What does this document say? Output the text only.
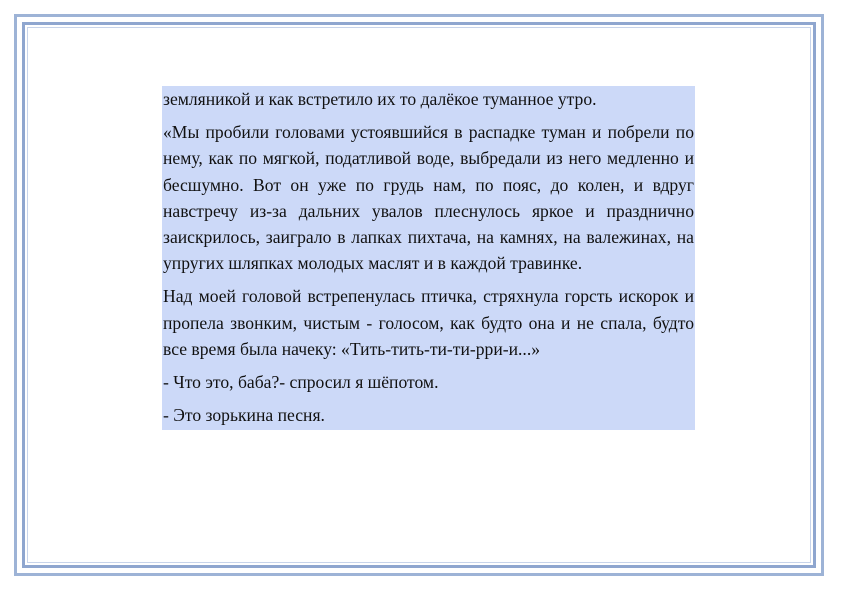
земляникой и как встретило их то далёкое туманное утро.

«Мы пробили головами устоявшийся в распадке туман и побрели по нему, как по мягкой, податливой воде, выбредали из него медленно и бесшумно. Вот он уже по грудь нам, по пояс, до колен, и вдруг навстречу из-за дальних увалов плеснулось яркое и празднично заискрилось, заиграло в лапках пихтача, на камнях, на валежинах, на упругих шляпках молодых маслят и в каждой травинке.

Над моей головой встрепенулась птичка, стряхнула горсть искорок и пропела звонким, чистым - голосом, как будто она и не спала, будто все время была начеку: «Тить-тить-ти-ти-рри-и...»

- Что это, баба?- спросил я шёпотом.

- Это зорькина песня.
